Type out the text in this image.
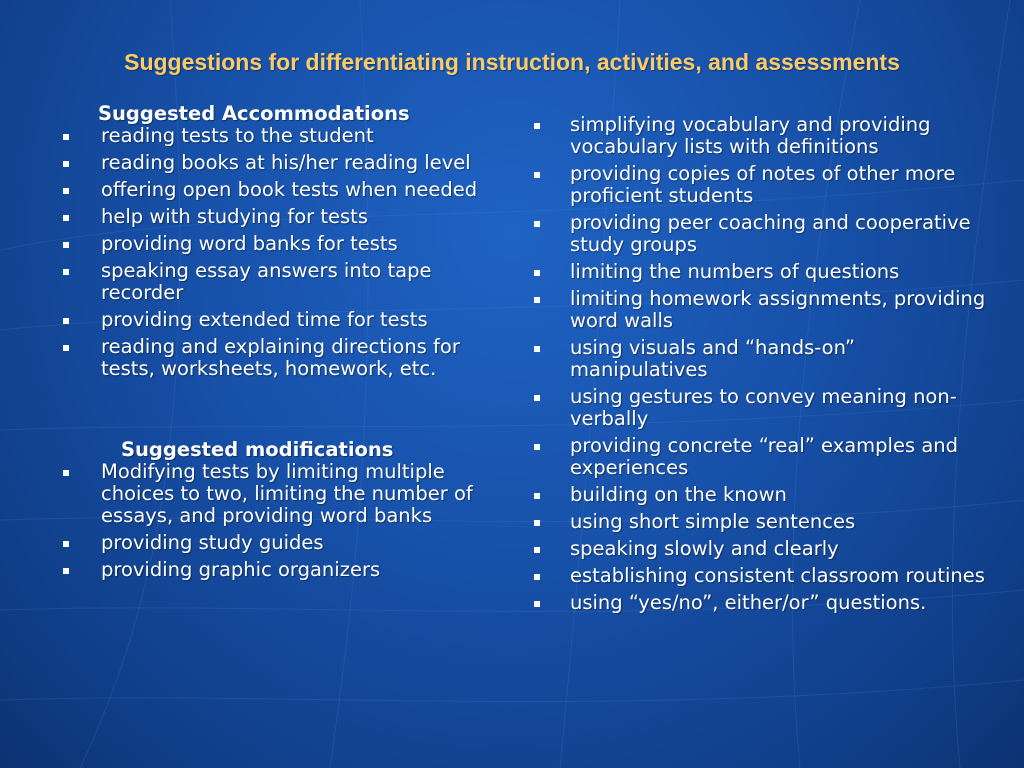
Suggestions for differentiating instruction, activities, and assessments
Suggested Accommodations
reading tests to the student
reading books at his/her reading level
offering open book tests when needed
help with studying for tests
providing word banks for tests
speaking essay answers into tape recorder
providing extended time for tests
reading and explaining directions for tests, worksheets, homework, etc.
Suggested modifications
Modifying tests by limiting multiple choices to two, limiting the number of essays, and providing word banks
providing study guides
providing graphic organizers
simplifying vocabulary and providing vocabulary lists with definitions
providing copies of notes of other more proficient students
providing peer coaching and cooperative study groups
limiting the numbers of questions
limiting homework assignments, providing word walls
using visuals and “hands-on” manipulatives
using gestures to convey meaning non-verbally
providing concrete “real” examples and experiences
building on the known
using short simple sentences
speaking slowly and clearly
establishing consistent classroom routines
using “yes/no”, either/or” questions.
